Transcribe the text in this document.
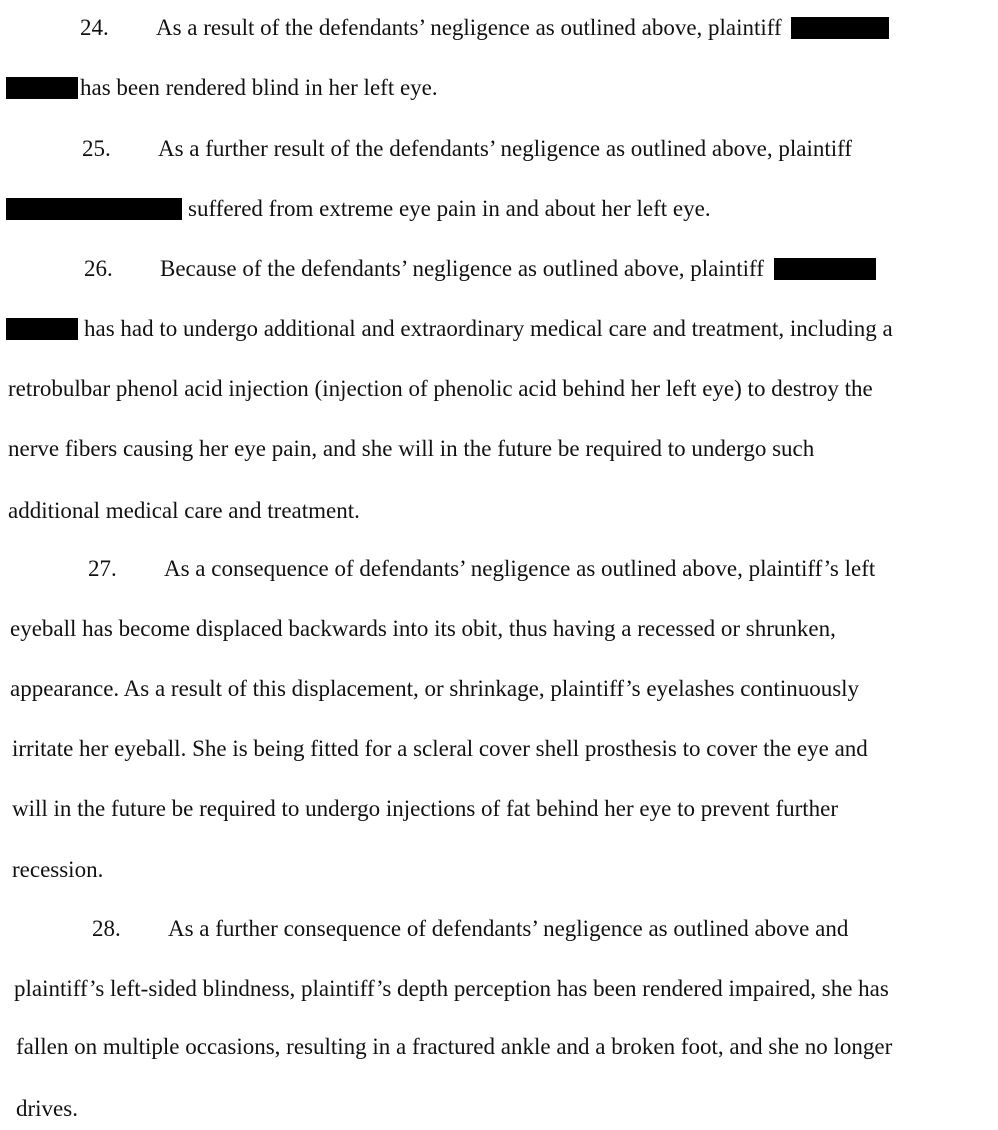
24. As a result of the defendants’ negligence as outlined above, plaintiff
has been rendered blind in her left eye.
25. As a further result of the defendants’ negligence as outlined above, plaintiff
suffered from extreme eye pain in and about her left eye.
26. Because of the defendants’ negligence as outlined above, plaintiff
has had to undergo additional and extraordinary medical care and treatment, including a
retrobulbar phenol acid injection (injection of phenolic acid behind her left eye) to destroy the
nerve fibers causing her eye pain, and she will in the future be required to undergo such
additional medical care and treatment.
27. As a consequence of defendants’ negligence as outlined above, plaintiff’s left
eyeball has become displaced backwards into its obit, thus having a recessed or shrunken,
appearance. As a result of this displacement, or shrinkage, plaintiff’s eyelashes continuously
irritate her eyeball. She is being fitted for a scleral cover shell prosthesis to cover the eye and
will in the future be required to undergo injections of fat behind her eye to prevent further
recession.
28. As a further consequence of defendants’ negligence as outlined above and
plaintiff’s left-sided blindness, plaintiff’s depth perception has been rendered impaired, she has
fallen on multiple occasions, resulting in a fractured ankle and a broken foot, and she no longer
drives.
